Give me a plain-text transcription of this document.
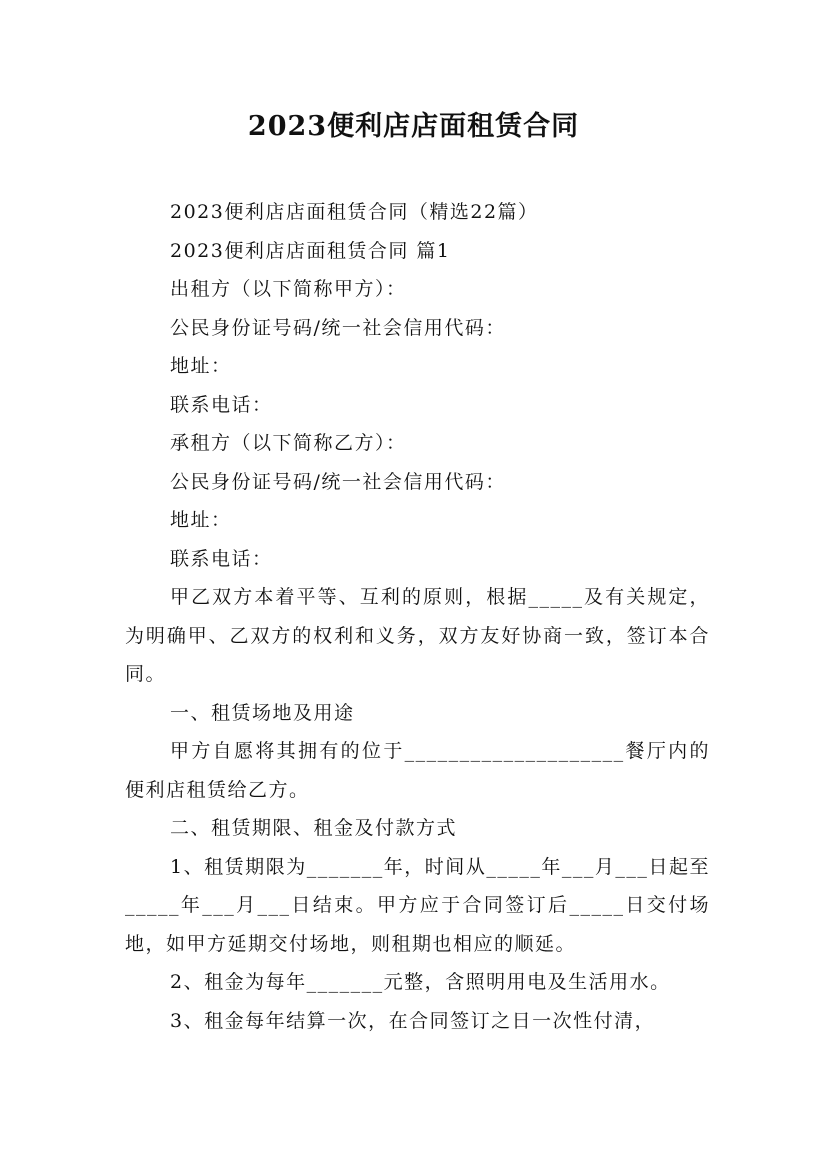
2023便利店店面租赁合同

2023便利店店面租赁合同（精选22篇）

2023便利店店面租赁合同 篇1

出租方（以下简称甲方）：

公民身份证号码/统一社会信用代码：

地址：

联系电话：

承租方（以下简称乙方）：

公民身份证号码/统一社会信用代码：

地址：

联系电话：

甲乙双方本着平等、互利的原则，根据_____及有关规定，为明确甲、乙双方的权利和义务，双方友好协商一致，签订本合同。

一、租赁场地及用途

甲方自愿将其拥有的位于____________________餐厅内的便利店租赁给乙方。

二、租赁期限、租金及付款方式

1、租赁期限为_______年，时间从_____年___月___日起至_____年___月___日结束。甲方应于合同签订后_____日交付场地，如甲方延期交付场地，则租期也相应的顺延。

2、租金为每年_______元整，含照明用电及生活用水。

3、租金每年结算一次，在合同签订之日一次性付清，
